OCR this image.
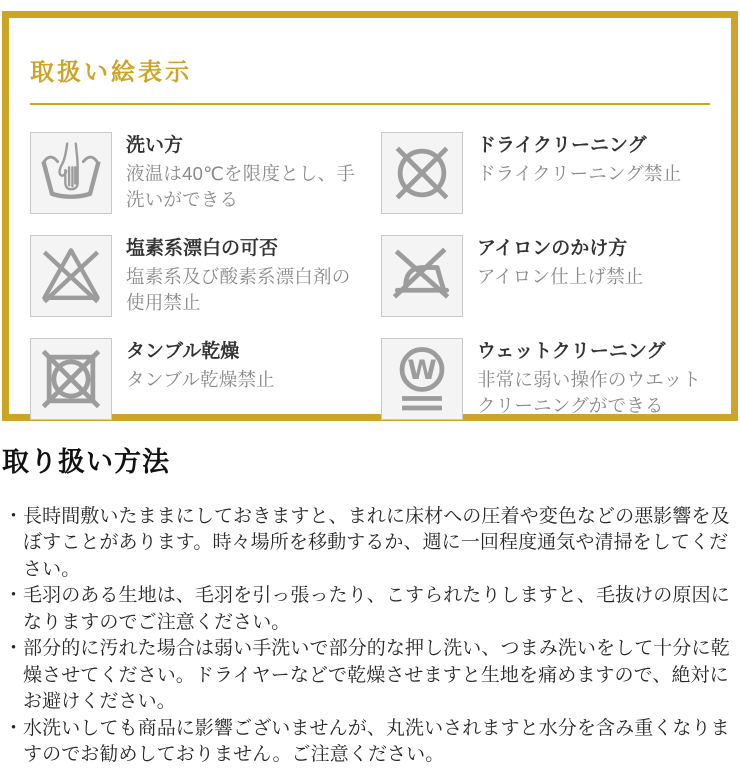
取扱い絵表示
洗い方
液温は40℃を限度とし、手洗いができる
ドライクリーニング
ドライクリーニング禁止
塩素系漂白の可否
塩素系及び酸素系漂白剤の使用禁止
アイロンのかけ方
アイロン仕上げ禁止
タンブル乾燥
タンブル乾燥禁止	W
ウェットクリーニング
非常に弱い操作のウエットクリーニングができる
取り扱い方法
・ 長時間敷いたままにしておきますと、まれに床材への圧着や変色などの悪影響を及ぼすことがあります。時々場所を移動するか、週に一回程度通気や清掃をしてください。
・ 毛羽のある生地は、毛羽を引っ張ったり、こすられたりしますと、毛抜けの原因になりますのでご注意ください。
・ 部分的に汚れた場合は弱い手洗いで部分的な押し洗い、つまみ洗いをして十分に乾燥させてください。ドライヤーなどで乾燥させますと生地を痛めますので、絶対にお避けください。
・ 水洗いしても商品に影響ございませんが、丸洗いされますと水分を含み重くなりますのでお勧めしておりません。ご注意ください。
